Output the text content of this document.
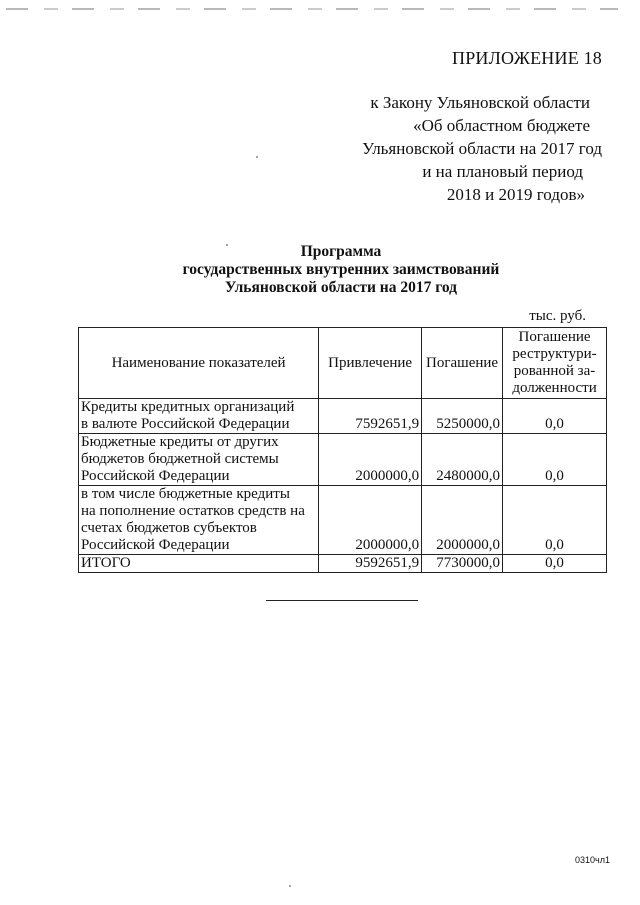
ПРИЛОЖЕНИЕ 18
к Закону Ульяновской области
«Об областном бюджете
Ульяновской области на 2017 год
и на плановый период
2018 и 2019 годов»
Программа
государственных внутренних заимствований
Ульяновской области на 2017 год
тыс. руб.
Наименование показателей	Привлечение	Погашение	Погашение
реструктури-
рованной за-
долженности

Кредиты кредитных организаций
в валюте Российской Федерации	7592651,9	5250000,0	0,0

Бюджетные кредиты от других
бюджетов бюджетной системы
Российской Федерации	2000000,0	2480000,0	0,0

в том числе бюджетные кредиты
на пополнение остатков средств на
счетах бюджетов субъектов
Российской Федерации	2000000,0	2000000,0	0,0
ИТОГО	9592651,9	7730000,0	0,0
0310чл1
